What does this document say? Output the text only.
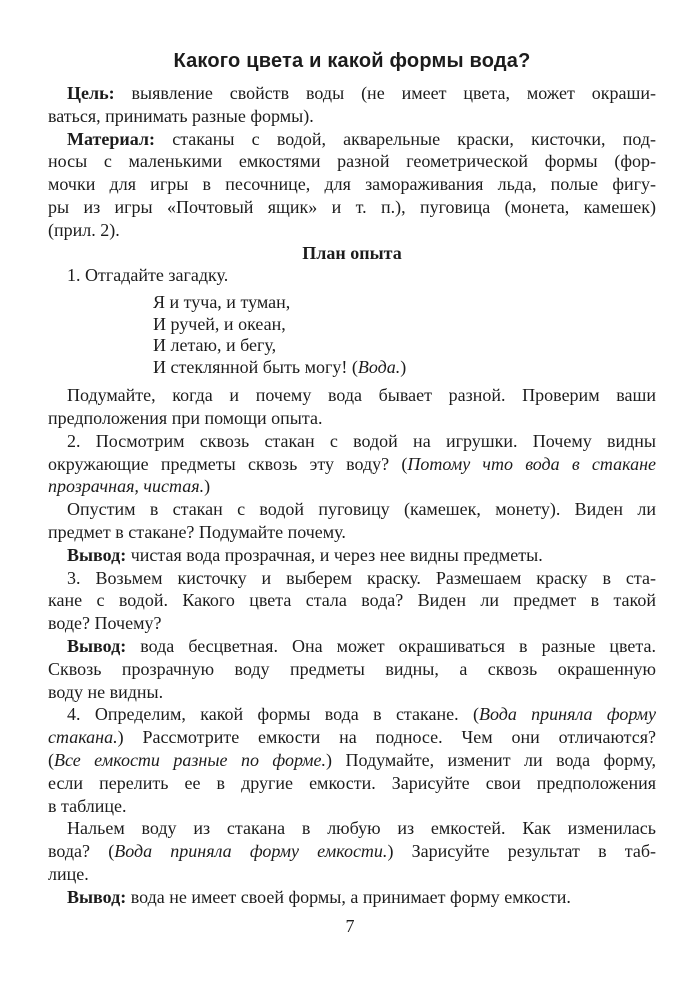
Какого цвета и какой формы вода?
Цель: выявление свойств воды (не имеет цвета, может окраши-
ваться, принимать разные формы).
Материал: стаканы с водой, акварельные краски, кисточки, под-
носы с маленькими емкостями разной геометрической формы (фор-
мочки для игры в песочнице, для замораживания льда, полые фигу-
ры из игры «Почтовый ящик» и т. п.), пуговица (монета, камешек)
(прил. 2).
План опыта
1. Отгадайте загадку.
Я и туча, и туман,
И ручей, и океан,
И летаю, и бегу,
И стеклянной быть могу! (Вода.)
Подумайте, когда и почему вода бывает разной. Проверим ваши
предположения при помощи опыта.
2. Посмотрим сквозь стакан с водой на игрушки. Почему видны
окружающие предметы сквозь эту воду? (Потому что вода в стакане
прозрачная, чистая.)
Опустим в стакан с водой пуговицу (камешек, монету). Виден ли
предмет в стакане? Подумайте почему.
Вывод: чистая вода прозрачная, и через нее видны предметы.
3. Возьмем кисточку и выберем краску. Размешаем краску в ста-
кане с водой. Какого цвета стала вода? Виден ли предмет в такой
воде? Почему?
Вывод: вода бесцветная. Она может окрашиваться в разные цвета.
Сквозь прозрачную воду предметы видны, а сквозь окрашенную
воду не видны.
4. Определим, какой формы вода в стакане. (Вода приняла форму
стакана.) Рассмотрите емкости на подносе. Чем они отличаются?
(Все емкости разные по форме.) Подумайте, изменит ли вода форму,
если перелить ее в другие емкости. Зарисуйте свои предположения
в таблице.
Нальем воду из стакана в любую из емкостей. Как изменилась
вода? (Вода приняла форму емкости.) Зарисуйте результат в таб-
лице.
Вывод: вода не имеет своей формы, а принимает форму емкости.
7
